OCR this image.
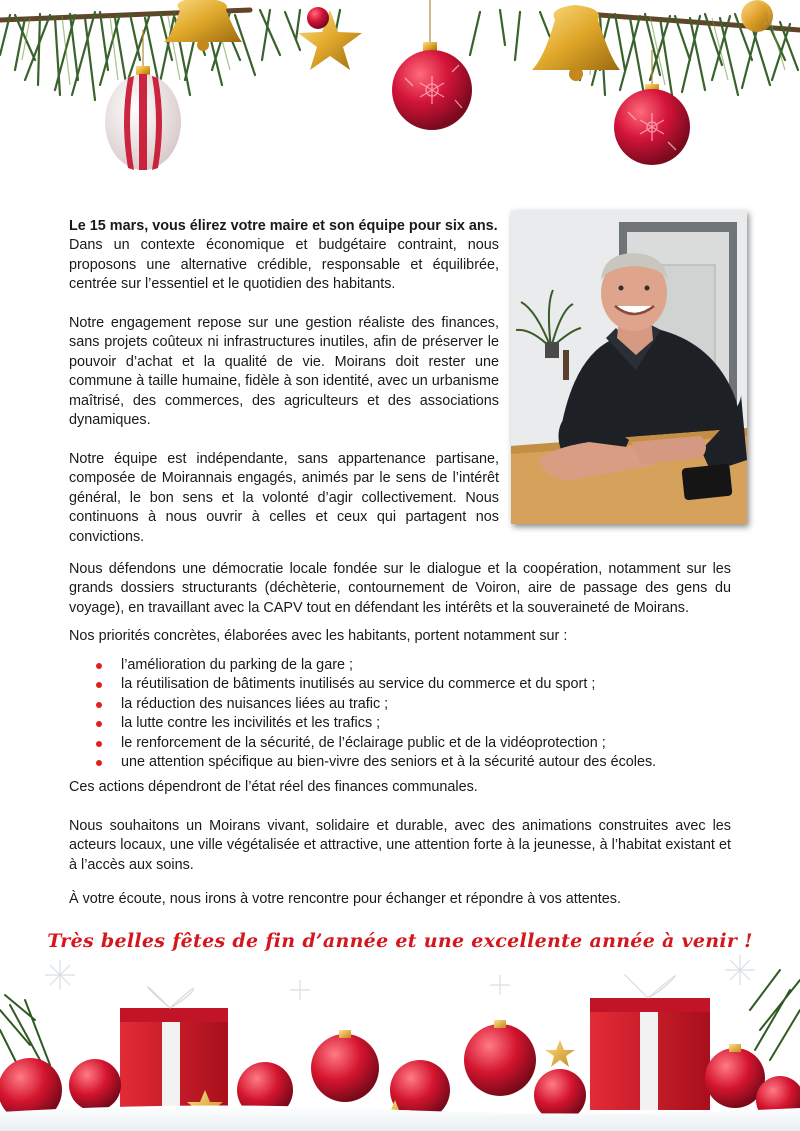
Le 15 mars, vous élirez votre maire et son équipe pour six ans.
Dans un contexte économique et budgétaire contraint, nous proposons une alternative crédible, responsable et équilibrée, centrée sur l’essentiel et le quotidien des habitants.

Notre engagement repose sur une gestion réaliste des finances, sans projets coûteux ni infrastructures inutiles, afin de préserver le pouvoir d’achat et la qualité de vie. Moirans doit rester une commune à taille humaine, fidèle à son identité, avec un urbanisme maîtrisé, des commerces, des agriculteurs et des associations dynamiques.

Notre équipe est indépendante, sans appartenance partisane, composée de Moirannais engagés, animés par le sens de l’intérêt général, le bon sens et la volonté d’agir collectivement. Nous continuons à nous ouvrir à celles et ceux qui partagent nos convictions.

Nous défendons une démocratie locale fondée sur le dialogue et la coopération, notamment sur les grands dossiers structurants (déchèterie, contournement de Voiron, aire de passage des gens du voyage), en travaillant avec la CAPV tout en défendant les intérêts et la souveraineté de Moirans.

Nos priorités concrètes, élaborées avec les habitants, portent notamment sur :

l’amélioration du parking de la gare ;
la réutilisation de bâtiments inutilisés au service du commerce et du sport ;
la réduction des nuisances liées au trafic ;
la lutte contre les incivilités et les trafics ;
le renforcement de la sécurité, de l’éclairage public et de la vidéoprotection ;
une attention spécifique au bien-vivre des seniors et à la sécurité autour des écoles.

Ces actions dépendront de l’état réel des finances communales.

Nous souhaitons un Moirans vivant, solidaire et durable, avec des animations construites avec les acteurs locaux, une ville végétalisée et attractive, une attention forte à la jeunesse, à l’habitat existant et à l’accès aux soins.

À votre écoute, nous irons à votre rencontre pour échanger et répondre à vos attentes.

Très belles fêtes de fin d’année et une excellente année à venir !
